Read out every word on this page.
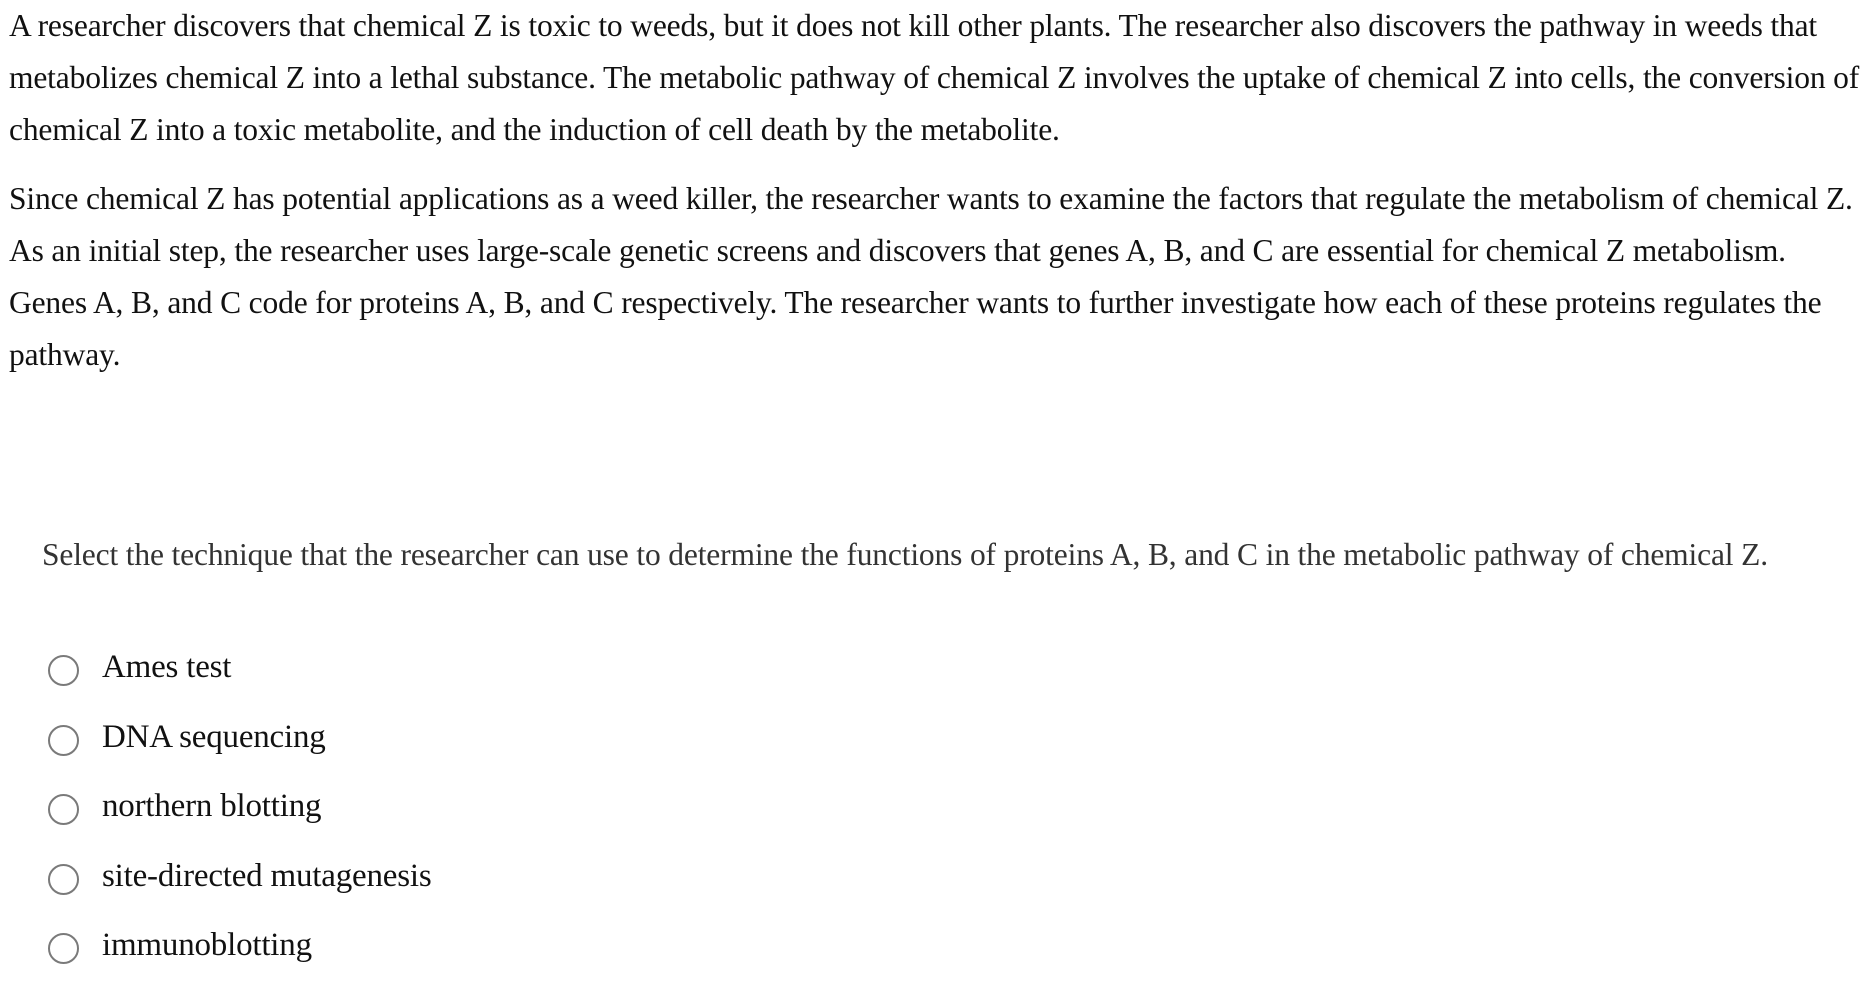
A researcher discovers that chemical Z is toxic to weeds, but it does not kill other plants. The researcher also discovers the pathway in weeds that metabolizes chemical Z into a lethal substance. The metabolic pathway of chemical Z involves the uptake of chemical Z into cells, the conversion of chemical Z into a toxic metabolite, and the induction of cell death by the metabolite.

Since chemical Z has potential applications as a weed killer, the researcher wants to examine the factors that regulate the metabolism of chemical Z. As an initial step, the researcher uses large-scale genetic screens and discovers that genes A, B, and C are essential for chemical Z metabolism. Genes A, B, and C code for proteins A, B, and C respectively. The researcher wants to further investigate how each of these proteins regulates the pathway.

Select the technique that the researcher can use to determine the functions of proteins A, B, and C in the metabolic pathway of chemical Z.
Ames test
DNA sequencing
northern blotting
site-directed mutagenesis
immunoblotting
